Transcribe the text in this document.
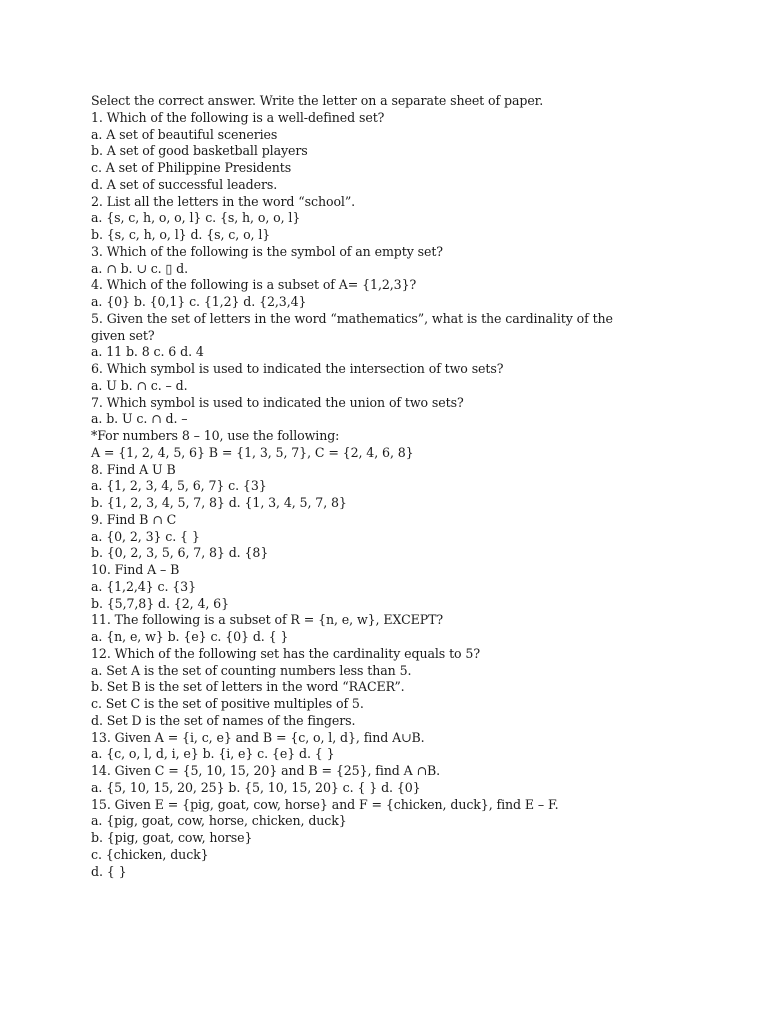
Select the correct answer. Write the letter on a separate sheet of paper.
1. Which of the following is a well-defined set?
a. A set of beautiful sceneries
b. A set of good basketball players
c. A set of Philippine Presidents
d. A set of successful leaders.
2. List all the letters in the word “school”.
a. {s, c, h, o, o, l} c. {s, h, o, o, l}
b. {s, c, h, o, l} d. {s, c, o, l}
3. Which of the following is the symbol of an empty set?
a. ∩ b. ∪ c. ▯ d.
4. Which of the following is a subset of A= {1,2,3}?
a. {0} b. {0,1} c. {1,2} d. {2,3,4}
5. Given the set of letters in the word “mathematics”, what is the cardinality of the given set?
a. 11 b. 8 c. 6 d. 4
6. Which symbol is used to indicated the intersection of two sets?
a. U b. ∩ c. – d.
7. Which symbol is used to indicated the union of two sets?
a. b. U c. ∩ d. –
*For numbers 8 – 10, use the following:
A = {1, 2, 4, 5, 6} B = {1, 3, 5, 7}, C = {2, 4, 6, 8}
8. Find A U B
a. {1, 2, 3, 4, 5, 6, 7} c. {3}
b. {1, 2, 3, 4, 5, 7, 8} d. {1, 3, 4, 5, 7, 8}
9. Find B ∩ C
a. {0, 2, 3} c. { }
b. {0, 2, 3, 5, 6, 7, 8} d. {8}
10. Find A – B
a. {1,2,4} c. {3}
b. {5,7,8} d. {2, 4, 6}
11. The following is a subset of R = {n, e, w}, EXCEPT?
a. {n, e, w} b. {e} c. {0} d. { }
12. Which of the following set has the cardinality equals to 5?
a. Set A is the set of counting numbers less than 5.
b. Set B is the set of letters in the word “RACER”.
c. Set C is the set of positive multiples of 5.
d. Set D is the set of names of the fingers.
13. Given A = {i, c, e} and B = {c, o, l, d}, find A∪B.
a. {c, o, l, d, i, e} b. {i, e} c. {e} d. { }
14. Given C = {5, 10, 15, 20} and B = {25}, find A ∩B.
a. {5, 10, 15, 20, 25} b. {5, 10, 15, 20} c. { } d. {0}
15. Given E = {pig, goat, cow, horse} and F = {chicken, duck}, find E – F.
a. {pig, goat, cow, horse, chicken, duck}
b. {pig, goat, cow, horse}
c. {chicken, duck}
d. { }
